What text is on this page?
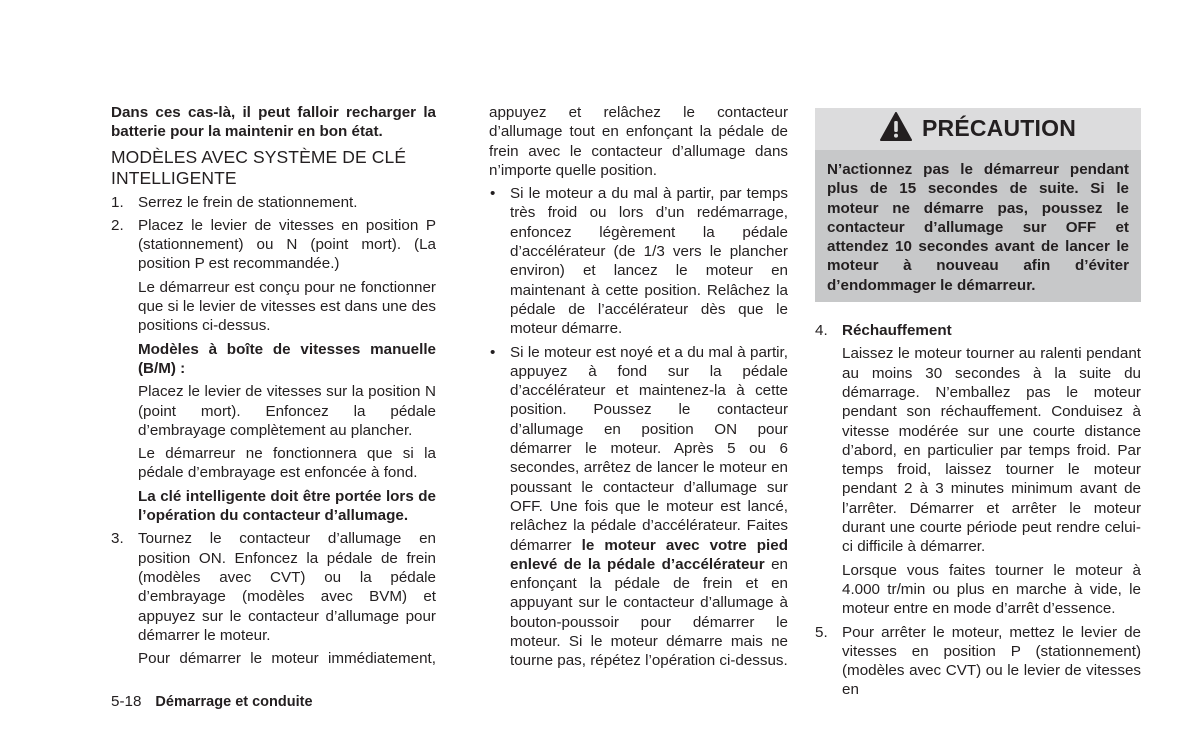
Dans ces cas-là, il peut falloir recharger la batterie pour la maintenir en bon état.

MODÈLES AVEC SYSTÈME DE CLÉ INTELLIGENTE

1. Serrez le frein de stationnement.

2. Placez le levier de vitesses en position P (stationnement) ou N (point mort). (La position P est recommandée.)

Le démarreur est conçu pour ne fonctionner que si le levier de vitesses est dans une des positions ci-dessus.

Modèles à boîte de vitesses manuelle (B/M) :

Placez le levier de vitesses sur la position N (point mort). Enfoncez la pédale d’embrayage complètement au plancher.

Le démarreur ne fonctionnera que si la pédale d’embrayage est enfoncée à fond.

La clé intelligente doit être portée lors de l’opération du contacteur d’allumage.

3. Tournez le contacteur d’allumage en position ON. Enfoncez la pédale de frein (modèles avec CVT) ou la pédale d’embrayage (modèles avec BVM) et appuyez sur le contacteur d’allumage pour démarrer le moteur.

Pour démarrer le moteur immédiatement,

appuyez et relâchez le contacteur d’allumage tout en enfonçant la pédale de frein avec le contacteur d’allumage dans n’importe quelle position.

• Si le moteur a du mal à partir, par temps très froid ou lors d’un redémarrage, enfoncez légèrement la pédale d’accélérateur (de 1/3 vers le plancher environ) et lancez le moteur en maintenant à cette position. Relâchez la pédale de l’accélérateur dès que le moteur démarre.

• Si le moteur est noyé et a du mal à partir, appuyez à fond sur la pédale d’accélérateur et maintenez-la à cette position. Poussez le contacteur d’allumage en position ON pour démarrer le moteur. Après 5 ou 6 secondes, arrêtez de lancer le moteur en poussant le contacteur d’allumage sur OFF. Une fois que le moteur est lancé, relâchez la pédale d’accélérateur. Faites démarrer le moteur avec votre pied enlevé de la pédale d’accélérateur en enfonçant la pédale de frein et en appuyant sur le contacteur d’allumage à bouton-poussoir pour démarrer le moteur. Si le moteur démarre mais ne tourne pas, répétez l’opération ci-dessus.

PRÉCAUTION
N’actionnez pas le démarreur pendant plus de 15 secondes de suite. Si le moteur ne démarre pas, poussez le contacteur d’allumage sur OFF et attendez 10 secondes avant de lancer le moteur à nouveau afin d’éviter d’endommager le démarreur.

4. Réchauffement

Laissez le moteur tourner au ralenti pendant au moins 30 secondes à la suite du démarrage. N’emballez pas le moteur pendant son réchauffement. Conduisez à vitesse modérée sur une courte distance d’abord, en particulier par temps froid. Par temps froid, laissez tourner le moteur pendant 2 à 3 minutes minimum avant de l’arrêter. Démarrer et arrêter le moteur durant une courte période peut rendre celui-ci difficile à démarrer.

Lorsque vous faites tourner le moteur à 4.000 tr/min ou plus en marche à vide, le moteur entre en mode d’arrêt d’essence.

5. Pour arrêter le moteur, mettez le levier de vitesses en position P (stationnement) (modèles avec CVT) ou le levier de vitesses en

5-18 Démarrage et conduite
